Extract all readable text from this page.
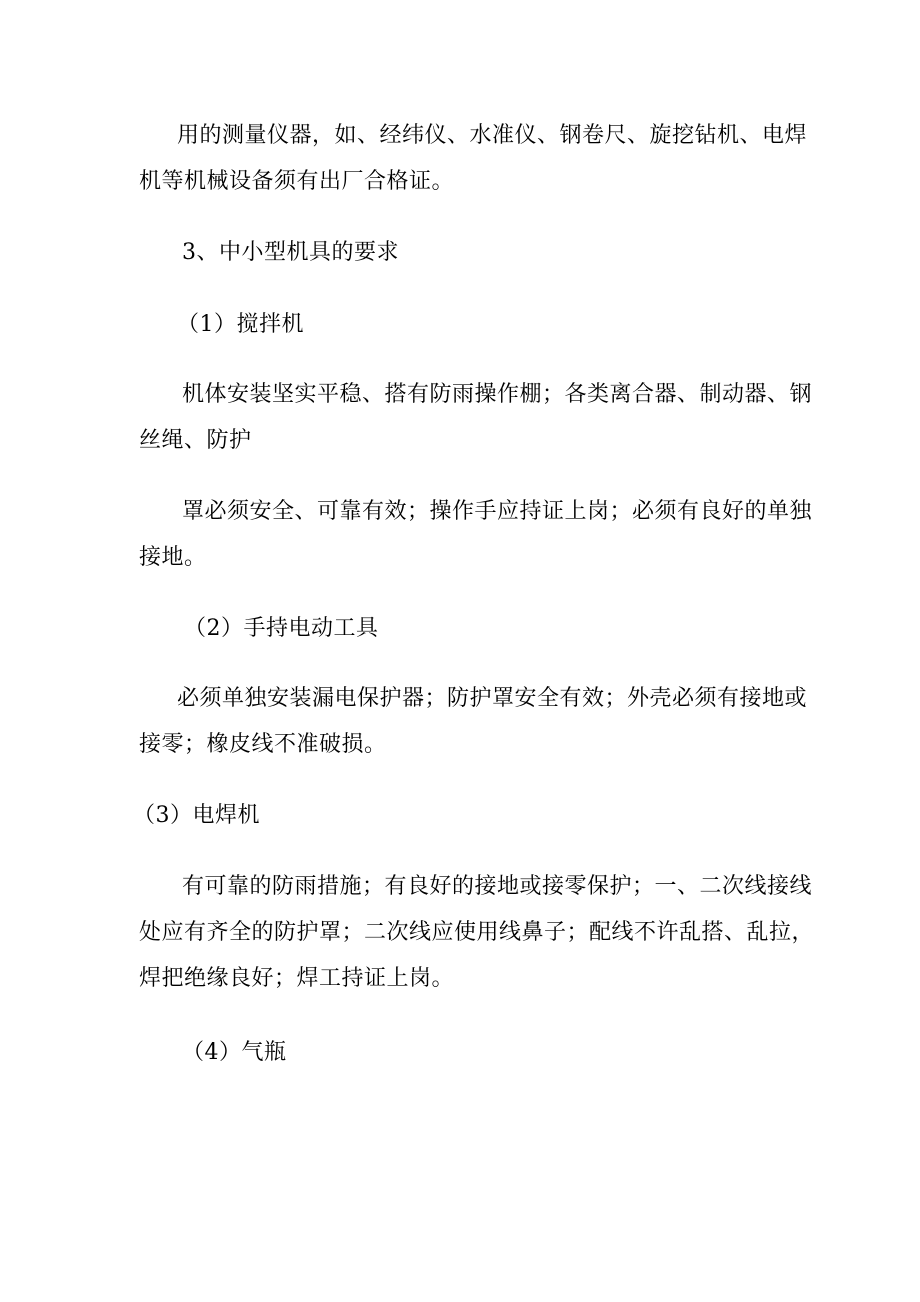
用的测量仪器，如、经纬仪、水准仪、钢卷尺、旋挖钻机、电焊
机等机械设备须有出厂合格证。
3、中小型机具的要求
（1）搅拌机
机体安装坚实平稳、搭有防雨操作棚；各类离合器、制动器、钢
丝绳、防护
罩必须安全、可靠有效；操作手应持证上岗；必须有良好的单独
接地。
（2）手持电动工具
必须单独安装漏电保护器；防护罩安全有效；外壳必须有接地或
接零；橡皮线不准破损。
（3）电焊机
有可靠的防雨措施；有良好的接地或接零保护；一、二次线接线
处应有齐全的防护罩；二次线应使用线鼻子；配线不许乱搭、乱拉，
焊把绝缘良好；焊工持证上岗。
（4）气瓶
